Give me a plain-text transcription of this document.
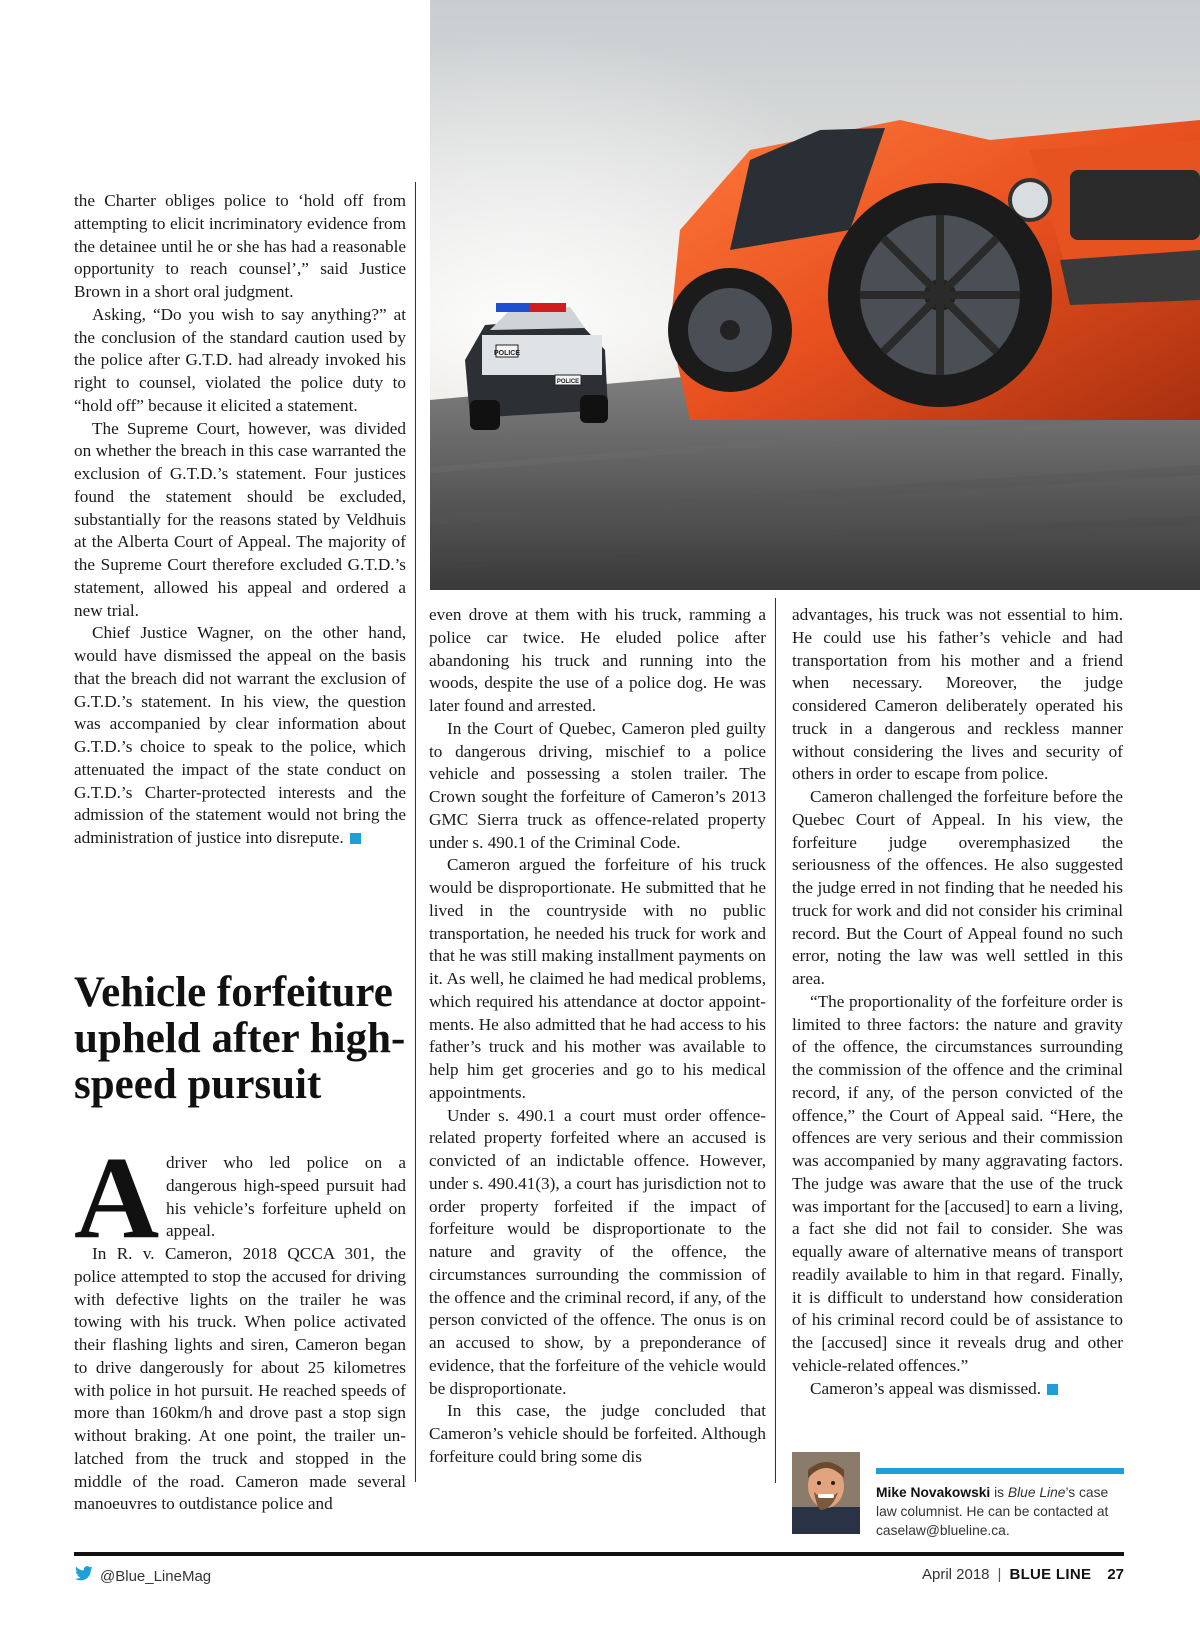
POLICE
POLICE

the Charter obliges police to ‘hold off from attempting to elicit incriminatory evidence from the detainee until he or she has had a reasonable opportunity to reach counsel’,” said Justice Brown in a short oral judgment.

Asking, “Do you wish to say anything?” at the conclusion of the standard caution used by the police after G.T.D. had already invoked his right to counsel, violated the police duty to “hold off” because it elicited a statement.

The Supreme Court, however, was divided on whether the breach in this case warranted the exclusion of G.T.D.’s statement. Four justices found the statement should be excluded, substantially for the reasons stated by Veldhuis at the Alberta Court of Appeal. The majority of the Supreme Court therefore excluded G.T.D.’s statement, allowed his appeal and ordered a new trial.

Chief Justice Wagner, on the other hand, would have dismissed the appeal on the basis that the breach did not warrant the exclusion of G.T.D.’s statement. In his view, the question was accompanied by clear information about G.T.D.’s choice to speak to the police, which attenuated the impact of the state conduct on G.T.D.’s Charter-protected interests and the admission of the statement would not bring the administration of justice into disrepute.

Vehicle forfeiture upheld after high-speed pursuit
A driver who led police on a dangerous high-speed pursuit had his vehicle’s forfeiture upheld on appeal.

In R. v. Cameron, 2018 QCCA 301, the police attempted to stop the accused for driving with defective lights on the trailer he was towing with his truck. When police activated their flashing lights and siren, Cameron began to drive dangerously for about 25 kilometres with police in hot pursuit. He reached speeds of more than 160km/h and drove past a stop sign without braking. At one point, the trailer unlatched from the truck and stopped in the middle of the road. Cameron made several manoeuvres to outdistance police and

even drove at them with his truck, ramming a police car twice. He eluded police after abandoning his truck and running into the woods, despite the use of a police dog. He was later found and arrested.

In the Court of Quebec, Cameron pled guilty to dangerous driving, mischief to a police vehicle and possessing a stolen trailer. The Crown sought the forfeiture of Cameron’s 2013 GMC Sierra truck as offence-related property under s. 490.1 of the Criminal Code.

Cameron argued the forfeiture of his truck would be disproportionate. He submitted that he lived in the countryside with no public transportation, he needed his truck for work and that he was still making installment payments on it. As well, he claimed he had medical problems, which required his attendance at doctor appointments. He also admitted that he had access to his father’s truck and his mother was available to help him get groceries and go to his medical appointments.

Under s. 490.1 a court must order offence-related property forfeited where an accused is convicted of an indictable offence. However, under s. 490.41(3), a court has jurisdiction not to order property forfeited if the impact of forfeiture would be disproportionate to the nature and gravity of the offence, the circumstances surrounding the commission of the offence and the criminal record, if any, of the person convicted of the offence. The onus is on an accused to show, by a preponderance of evidence, that the forfeiture of the vehicle would be disproportionate.

In this case, the judge concluded that Cameron’s vehicle should be forfeited. Although forfeiture could bring some dis

advantages, his truck was not essential to him. He could use his father’s vehicle and had transportation from his mother and a friend when necessary. Moreover, the judge considered Cameron deliberately operated his truck in a dangerous and reckless manner without considering the lives and security of others in order to escape from police.

Cameron challenged the forfeiture before the Quebec Court of Appeal. In his view, the forfeiture judge overemphasized the seriousness of the offences. He also suggested the judge erred in not finding that he needed his truck for work and did not consider his criminal record. But the Court of Appeal found no such error, noting the law was well settled in this area.

“The proportionality of the forfeiture order is limited to three factors: the nature and gravity of the offence, the circumstances surrounding the commission of the offence and the criminal record, if any, of the person convicted of the offence,” the Court of Appeal said. “Here, the offences are very serious and their commission was accompanied by many aggravating factors. The judge was aware that the use of the truck was important for the [accused] to earn a living, a fact she did not fail to consider. She was equally aware of alternative means of transport readily available to him in that regard. Finally, it is difficult to understand how consideration of his criminal record could be of assistance to the [accused] since it reveals drug and other vehicle-related offences.”

Cameron’s appeal was dismissed.

Mike Novakowski is Blue Line’s case law columnist. He can be contacted at caselaw@blueline.ca.

@Blue_LineMag	April 2018 | BLUE LINE 27
